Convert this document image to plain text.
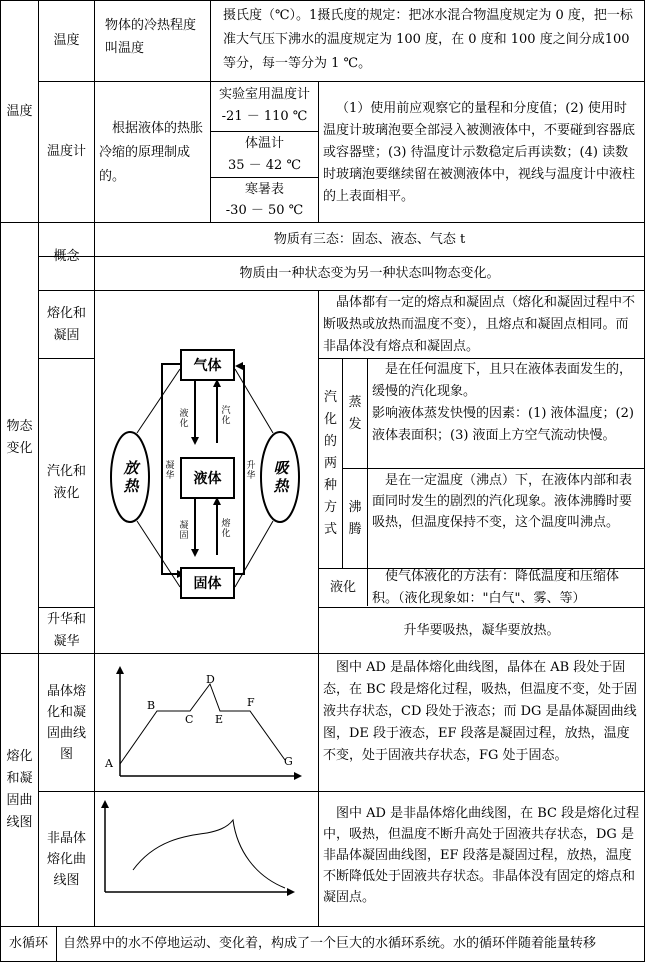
温度
温度
物体的冷热程度叫温度
摄氏度（℃）。1摄氏度的规定：把冰水混合物温度规定为 0 度，把一标准大气压下沸水的温度规定为 100 度，在 0 度和 100 度之间分成100 等分，每一等分为 1 ℃。
温度计
根据液体的热胀冷缩的原理制成的。
实验室用温度计
-21 － 110 ℃
体温计
35 － 42 ℃
寒暑表
-30 － 50 ℃
（1）使用前应观察它的量程和分度值；(2) 使用时温度计玻璃泡要全部浸入被测液体中，不要碰到容器底或容器壁；(3) 待温度计示数稳定后再读数；(4) 读数时玻璃泡要继续留在被测液体中，视线与温度计中液柱的上表面相平。
物态变化
概念
物质有三态：固态、液态、气态 t
物质由一种状态变为另一种状态叫物态变化。
熔化和凝固
汽化和液化
升华和凝华
晶体都有一定的熔点和凝固点（熔化和凝固过程中不断吸热或放热而温度不变），且熔点和凝固点相同。而非晶体没有熔点和凝固点。
汽化的两种方式
蒸发
是在任何温度下，且只在液体表面发生的，缓慢的汽化现象。
影响液体蒸发快慢的因素：(1) 液体温度；(2) 液体表面积；(3) 液面上方空气流动快慢。
沸腾
是在一定温度（沸点）下，在液体内部和表面同时发生的剧烈的汽化现象。液体沸腾时要吸热，但温度保持不变，这个温度叫沸点。
液化
使气体液化的方法有：降低温度和压缩体积。（液化现象如："白气"、雾、等）
升华要吸热，凝华要放热。
气体
液体
固体
放热
吸热
液化
汽化
凝华
升华
凝固
熔化
熔化和凝固曲线图
晶体熔化和凝固曲线图
非晶体熔化曲线图
A
B
C
D
E
F
G
图中 AD 是晶体熔化曲线图，晶体在 AB 段处于固态，在 BC 段是熔化过程，吸热，但温度不变，处于固液共存状态，CD 段处于液态；而 DG 是晶体凝固曲线图，DE 段于液态，EF 段落是凝固过程，放热，温度不变，处于固液共存状态，FG 处于固态。
图中 AD 是非晶体熔化曲线图，在 BC 段是熔化过程中，吸热，但温度不断升高处于固液共存状态，DG 是非晶体凝固曲线图，EF 段落是凝固过程，放热，温度不断降低处于固液共存状态。非晶体没有固定的熔点和凝固点。
水循环	自然界中的水不停地运动、变化着，构成了一个巨大的水循环系统。水的循环伴随着能量转移
